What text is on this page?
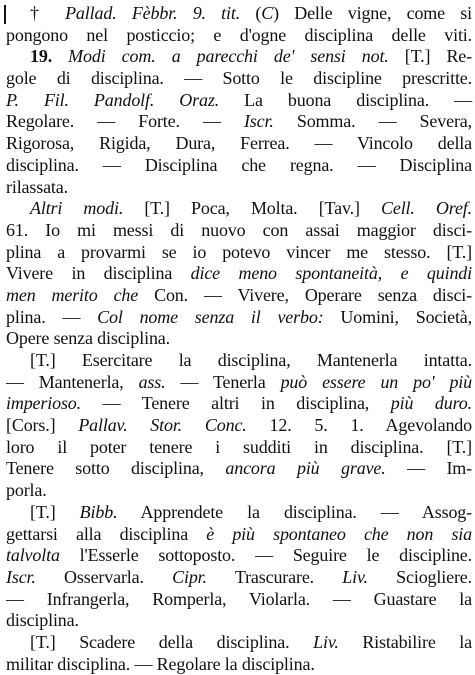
† Pallad. Fèbbr. 9. tit. (C) Delle vigne, come si
pongono nel posticcio; e d'ogne disciplina delle viti.
19. Modi com. a parecchi de' sensi not. [T.] Re-
gole di disciplina. — Sotto le discipline prescritte.
P. Fil. Pandolf. Oraz. La buona disciplina. —
Regolare. — Forte. — Iscr. Somma. — Severa,
Rigorosa, Rigida, Dura, Ferrea. — Vincolo della
disciplina. — Disciplina che regna. — Disciplina
rilassata.
Altri modi. [T.] Poca, Molta. [Tav.] Cell. Oref.
61. Io mi messi di nuovo con assai maggior disci-
plina a provarmi se io potevo vincer me stesso. [T.]
Vivere in disciplina dice meno spontaneità, e quindi
men merito che Con. — Vivere, Operare senza disci-
plina. — Col nome senza il verbo: Uomini, Società,
Opere senza disciplina.
[T.] Esercitare la disciplina, Mantenerla intatta.
— Mantenerla, ass. — Tenerla può essere un po' più
imperioso. — Tenere altri in disciplina, più duro.
[Cors.] Pallav. Stor. Conc. 12. 5. 1. Agevolando
loro il poter tenere i sudditi in disciplina. [T.]
Tenere sotto disciplina, ancora più grave. — Im-
porla.
[T.] Bibb. Apprendete la disciplina. — Assog-
gettarsi alla disciplina è più spontaneo che non sia
talvolta l'Esserle sottoposto. — Seguire le discipline.
Iscr. Osservarla. Cipr. Trascurare. Liv. Sciogliere.
— Infrangerla, Romperla, Violarla. — Guastare la
disciplina.
[T.] Scadere della disciplina. Liv. Ristabilire la
militar disciplina. — Regolare la disciplina.
